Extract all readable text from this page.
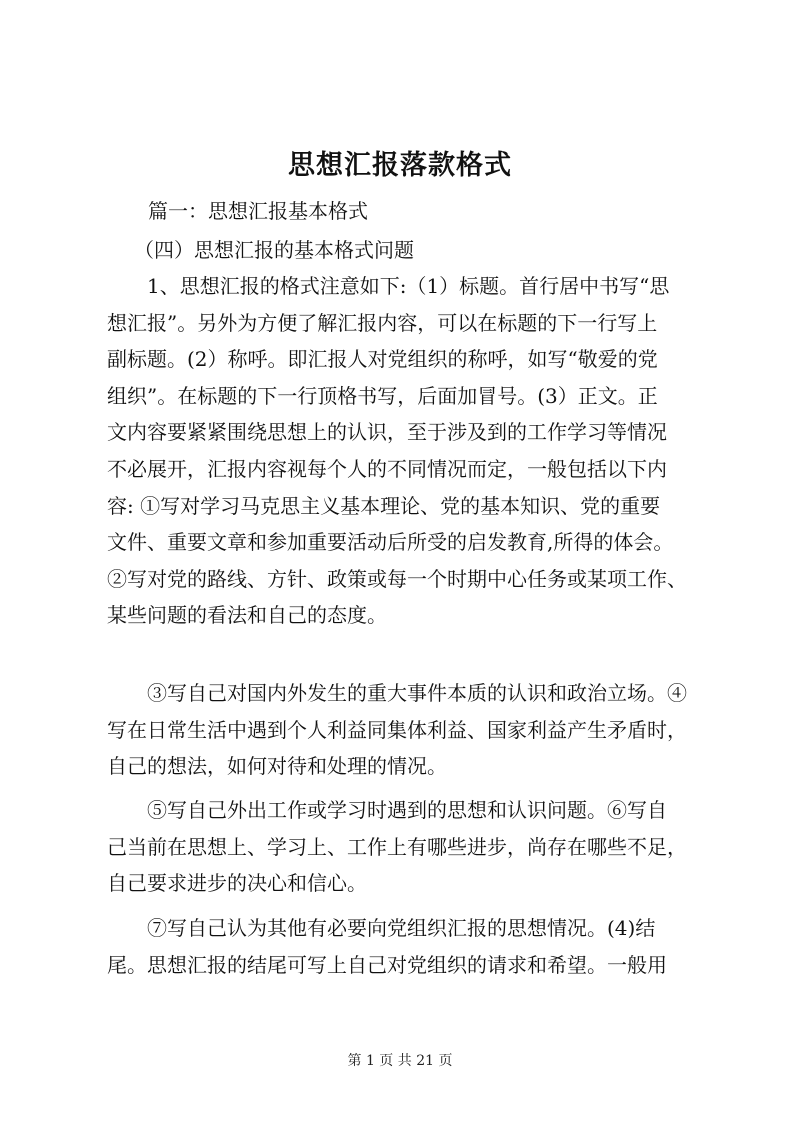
思想汇报落款格式
篇一：思想汇报基本格式
（四）思想汇报的基本格式问题
　　1、思想汇报的格式注意如下:（1）标题。首行居中书写“思
想汇报”。另外为方便了解汇报内容，可以在标题的下一行写上
副标题。(2）称呼。即汇报人对党组织的称呼，如写“敬爱的党
组织”。在标题的下一行顶格书写，后面加冒号。(3）正文。正
文内容要紧紧围绕思想上的认识，至于涉及到的工作学习等情况
不必展开，汇报内容视每个人的不同情况而定，一般包括以下内
容: ①写对学习马克思主义基本理论、党的基本知识、党的重要
文件、重要文章和参加重要活动后所受的启发教育,所得的体会。
②写对党的路线、方针、政策或每一个时期中心任务或某项工作、
某些问题的看法和自己的态度。
　　③写自己对国内外发生的重大事件本质的认识和政治立场。④
写在日常生活中遇到个人利益同集体利益、国家利益产生矛盾时，
自己的想法，如何对待和处理的情况。
　　⑤写自己外出工作或学习时遇到的思想和认识问题。⑥写自
己当前在思想上、学习上、工作上有哪些进步，尚存在哪些不足，
自己要求进步的决心和信心。
　　⑦写自己认为其他有必要向党组织汇报的思想情况。(4)结
尾。思想汇报的结尾可写上自己对党组织的请求和希望。一般用
第 1 页 共 21 页
